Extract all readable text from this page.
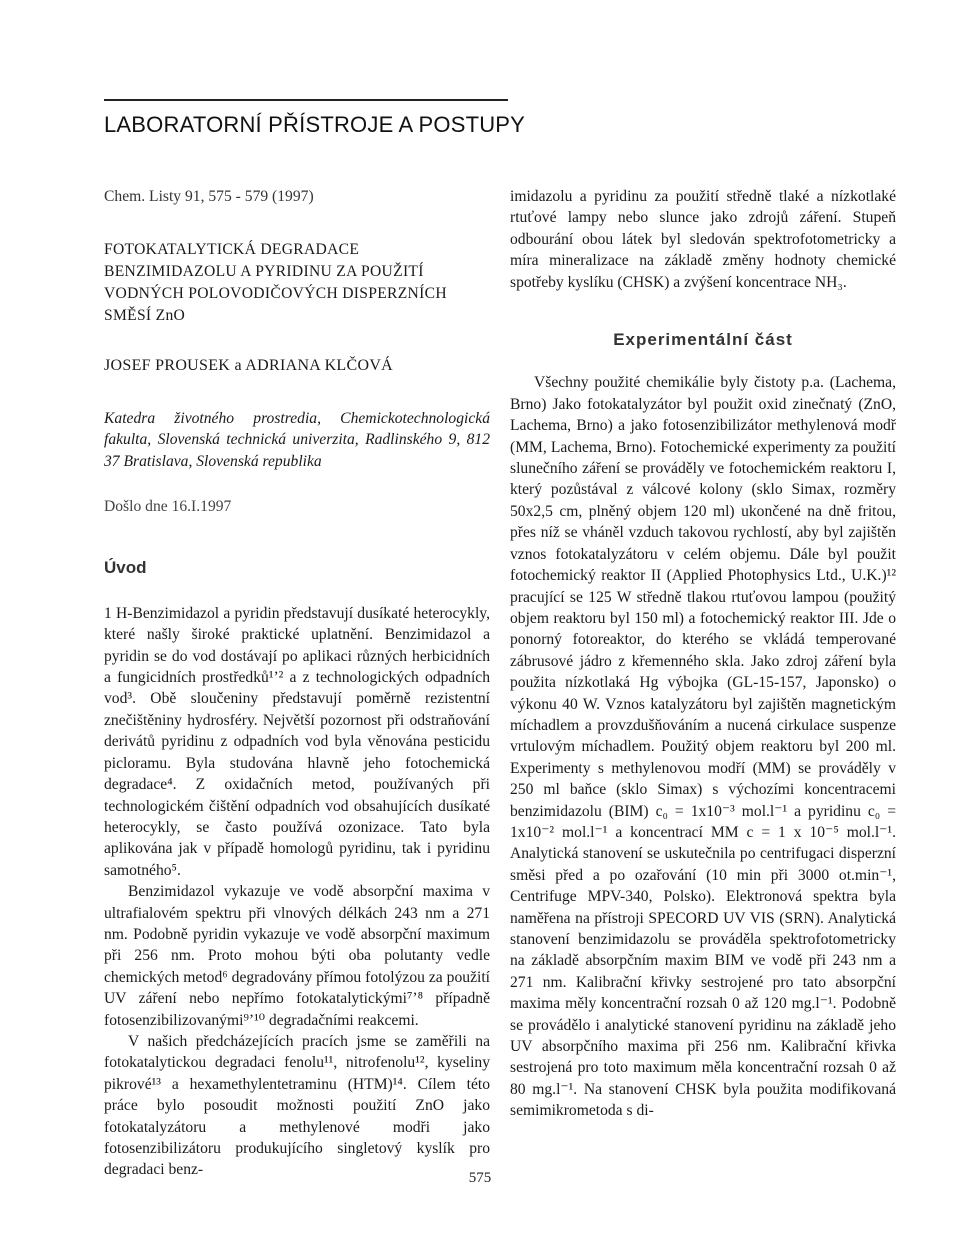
LABORATORNÍ PŘÍSTROJE A POSTUPY
Chem. Listy 91, 575 - 579 (1997)
FOTOKATALYTICKÁ DEGRADACE
BENZIMIDAZOLU A PYRIDINU ZA POUŽITÍ
VODNÝCH POLOVODIČOVÝCH DISPERZNÍCH
SMĚSÍ ZnO
JOSEF PROUSEK a ADRIANA KLČOVÁ
Katedra životného prostredia, Chemickotechnologická fakulta, Slovenská technická univerzita, Radlinského 9, 812 37 Bratislava, Slovenská republika
Došlo dne 16.I.1997
Úvod

1 H-Benzimidazol a pyridin představují dusíkaté heterocykly, které našly široké praktické uplatnění. Benzimidazol a pyridin se do vod dostávají po aplikaci různých herbicidních a fungicidních prostředků¹ʼ² a z technologických odpadních vod³. Obě sloučeniny představují poměrně rezistentní znečištěniny hydrosféry. Největší pozornost při odstraňování derivátů pyridinu z odpadních vod byla věnována pesticidu picloramu. Byla studována hlavně jeho fotochemická degradace⁴. Z oxidačních metod, používaných při technologickém čištění odpadních vod obsahujících dusíkaté heterocykly, se často používá ozonizace. Tato byla aplikována jak v případě homologů pyridinu, tak i pyridinu samotného⁵.

Benzimidazol vykazuje ve vodě absorpční maxima v ultrafialovém spektru při vlnových délkách 243 nm a 271 nm. Podobně pyridin vykazuje ve vodě absorpční maximum při 256 nm. Proto mohou býti oba polutanty vedle chemických metod⁶ degradovány přímou fotolýzou za použití UV záření nebo nepřímo fotokatalytickými⁷ʼ⁸ případně fotosenzibilizovanými⁹ʼ¹⁰ degradačními reakcemi.

V našich předcházejících pracích jsme se zaměřili na fotokatalytickou degradaci fenolu¹¹, nitrofenolu¹², kyseliny pikrové¹³ a hexamethylentetraminu (HTM)¹⁴. Cílem této práce bylo posoudit možnosti použití ZnO jako fotokatalyzátoru a methylenové modři jako fotosenzibilizátoru produkujícího singletový kyslík pro degradaci benz-

imidazolu a pyridinu za použití středně tlaké a nízkotlaké rtuťové lampy nebo slunce jako zdrojů záření. Stupeň odbourání obou látek byl sledován spektrofotometricky a míra mineralizace na základě změny hodnoty chemické spotřeby kyslíku (CHSK) a zvýšení koncentrace NH₃.

Experimentální část

Všechny použité chemikálie byly čistoty p.a. (Lachema, Brno) Jako fotokatalyzátor byl použit oxid zinečnatý (ZnO, Lachema, Brno) a jako fotosenzibilizátor methylenová modř (MM, Lachema, Brno). Fotochemické experimenty za použití slunečního záření se prováděly ve fotochemickém reaktoru I, který pozůstával z válcové kolony (sklo Simax, rozměry 50x2,5 cm, plněný objem 120 ml) ukončené na dně fritou, přes níž se vháněl vzduch takovou rychlostí, aby byl zajištěn vznos fotokatalyzátoru v celém objemu. Dále byl použit fotochemický reaktor II (Applied Photophysics Ltd., U.K.)¹² pracující se 125 W středně tlakou rtuťovou lampou (použitý objem reaktoru byl 150 ml) a fotochemický reaktor III. Jde o ponorný fotoreaktor, do kterého se vkládá temperované zábrusové jádro z křemenného skla. Jako zdroj záření byla použita nízkotlaká Hg výbojka (GL-15-157, Japonsko) o výkonu 40 W. Vznos katalyzátoru byl zajištěn magnetickým míchadlem a provzdušňováním a nucená cirkulace suspenze vrtulovým míchadlem. Použitý objem reaktoru byl 200 ml. Experimenty s methylenovou modří (MM) se prováděly v 250 ml baňce (sklo Simax) s výchozími koncentracemi benzimidazolu (BIM) c₀ = 1x10⁻³ mol.l⁻¹ a pyridinu c₀ = 1x10⁻² mol.l⁻¹ a koncentrací MM c = 1 x 10⁻⁵ mol.l⁻¹. Analytická stanovení se uskutečnila po centrifugaci disperzní směsi před a po ozařování (10 min při 3000 ot.min⁻¹, Centrifuge MPV-340, Polsko). Elektronová spektra byla naměřena na přístroji SPECORD UV VIS (SRN). Analytická stanovení benzimidazolu se prováděla spektrofotometricky na základě absorpčním maxim BIM ve vodě při 243 nm a 271 nm. Kalibrační křivky sestrojené pro tato absorpční maxima měly koncentrační rozsah 0 až 120 mg.l⁻¹. Podobně se provádělo i analytické stanovení pyridinu na základě jeho UV absorpčního maxima při 256 nm. Kalibrační křivka sestrojená pro toto maximum měla koncentrační rozsah 0 až 80 mg.l⁻¹. Na stanovení CHSK byla použita modifikovaná semimikrometoda s di-

575
